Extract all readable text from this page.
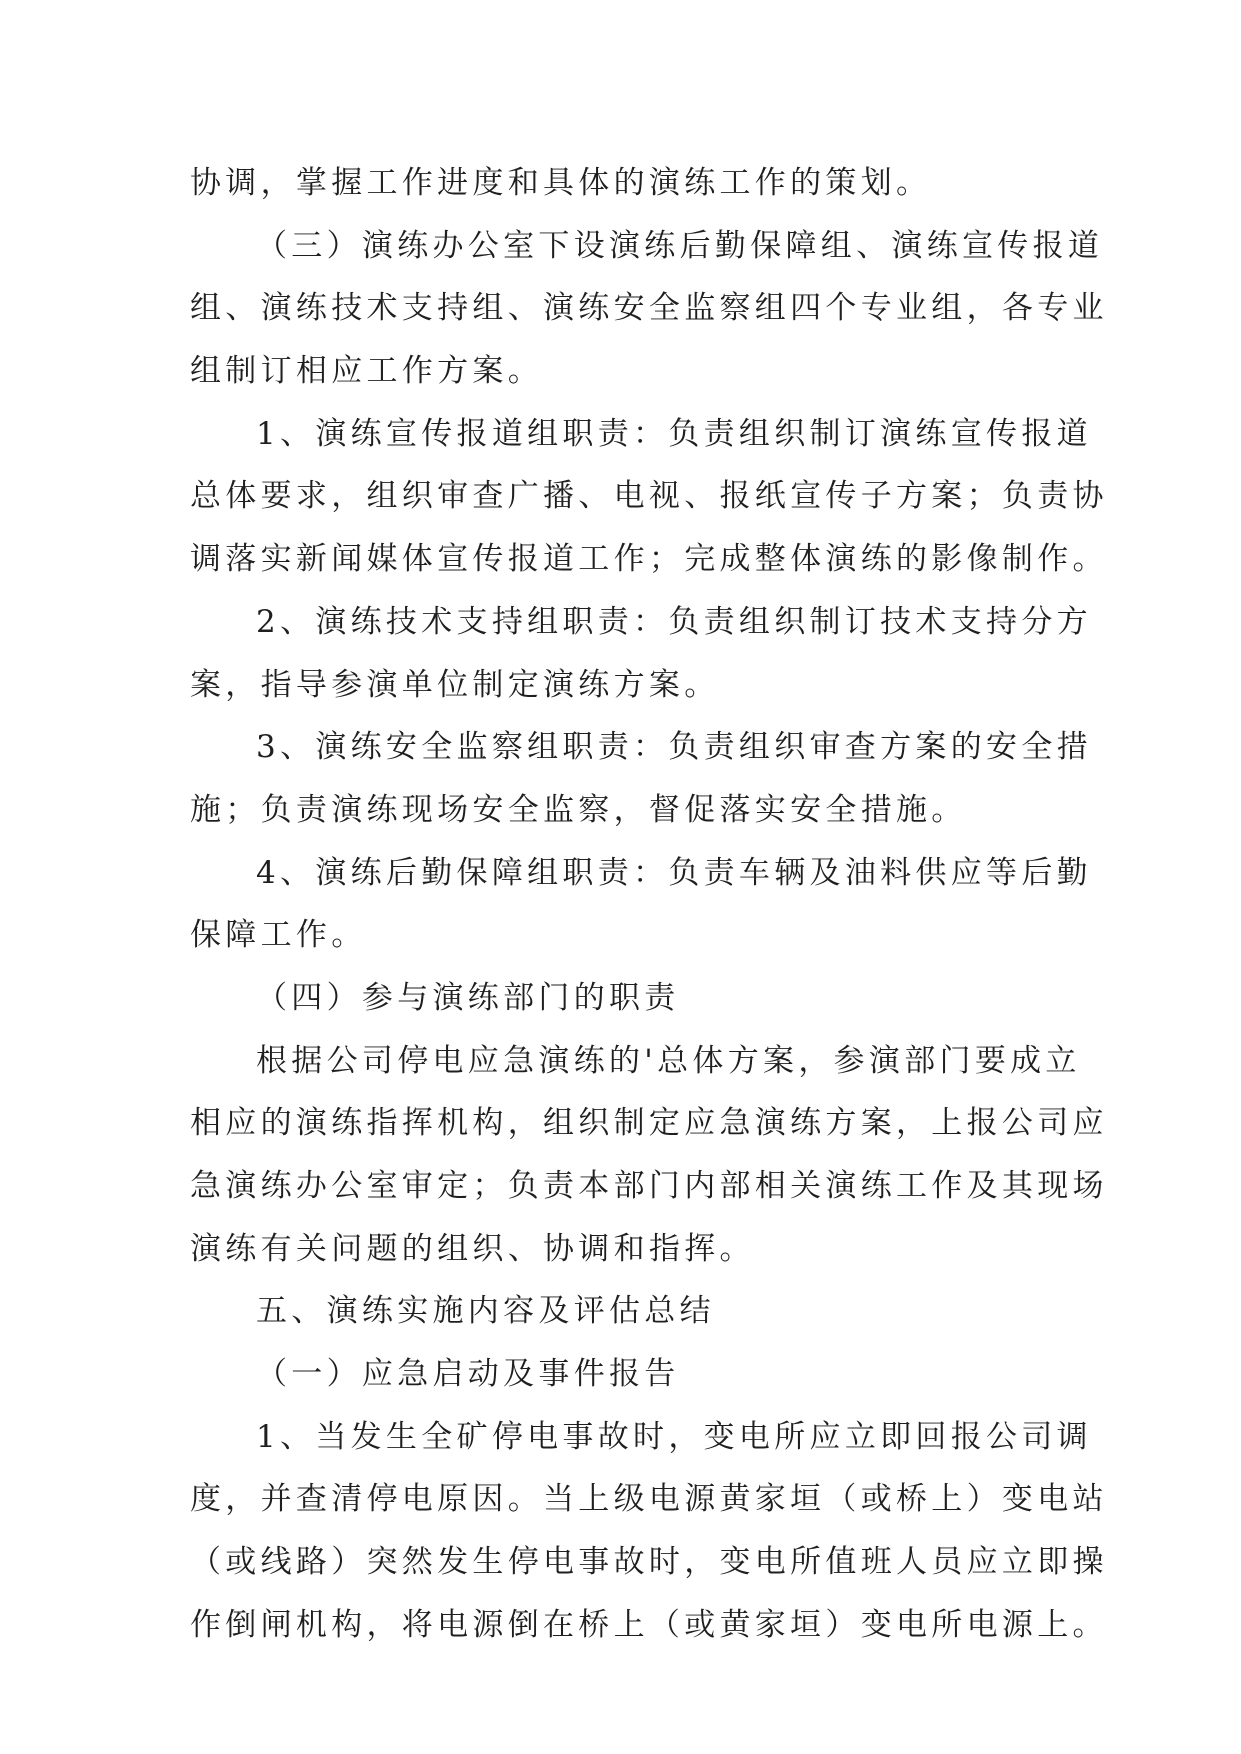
协调，掌握工作进度和具体的演练工作的策划。
（三）演练办公室下设演练后勤保障组、演练宣传报道
组、演练技术支持组、演练安全监察组四个专业组，各专业
组制订相应工作方案。
1、演练宣传报道组职责：负责组织制订演练宣传报道
总体要求，组织审查广播、电视、报纸宣传子方案；负责协
调落实新闻媒体宣传报道工作；完成整体演练的影像制作。
2、演练技术支持组职责：负责组织制订技术支持分方
案，指导参演单位制定演练方案。
3、演练安全监察组职责：负责组织审查方案的安全措
施；负责演练现场安全监察，督促落实安全措施。
4、演练后勤保障组职责：负责车辆及油料供应等后勤
保障工作。
（四）参与演练部门的职责
根据公司停电应急演练的'总体方案，参演部门要成立
相应的演练指挥机构，组织制定应急演练方案，上报公司应
急演练办公室审定；负责本部门内部相关演练工作及其现场
演练有关问题的组织、协调和指挥。
五、演练实施内容及评估总结
（一）应急启动及事件报告
1、当发生全矿停电事故时，变电所应立即回报公司调
度，并查清停电原因。当上级电源黄家垣（或桥上）变电站
（或线路）突然发生停电事故时，变电所值班人员应立即操
作倒闸机构，将电源倒在桥上（或黄家垣）变电所电源上。
